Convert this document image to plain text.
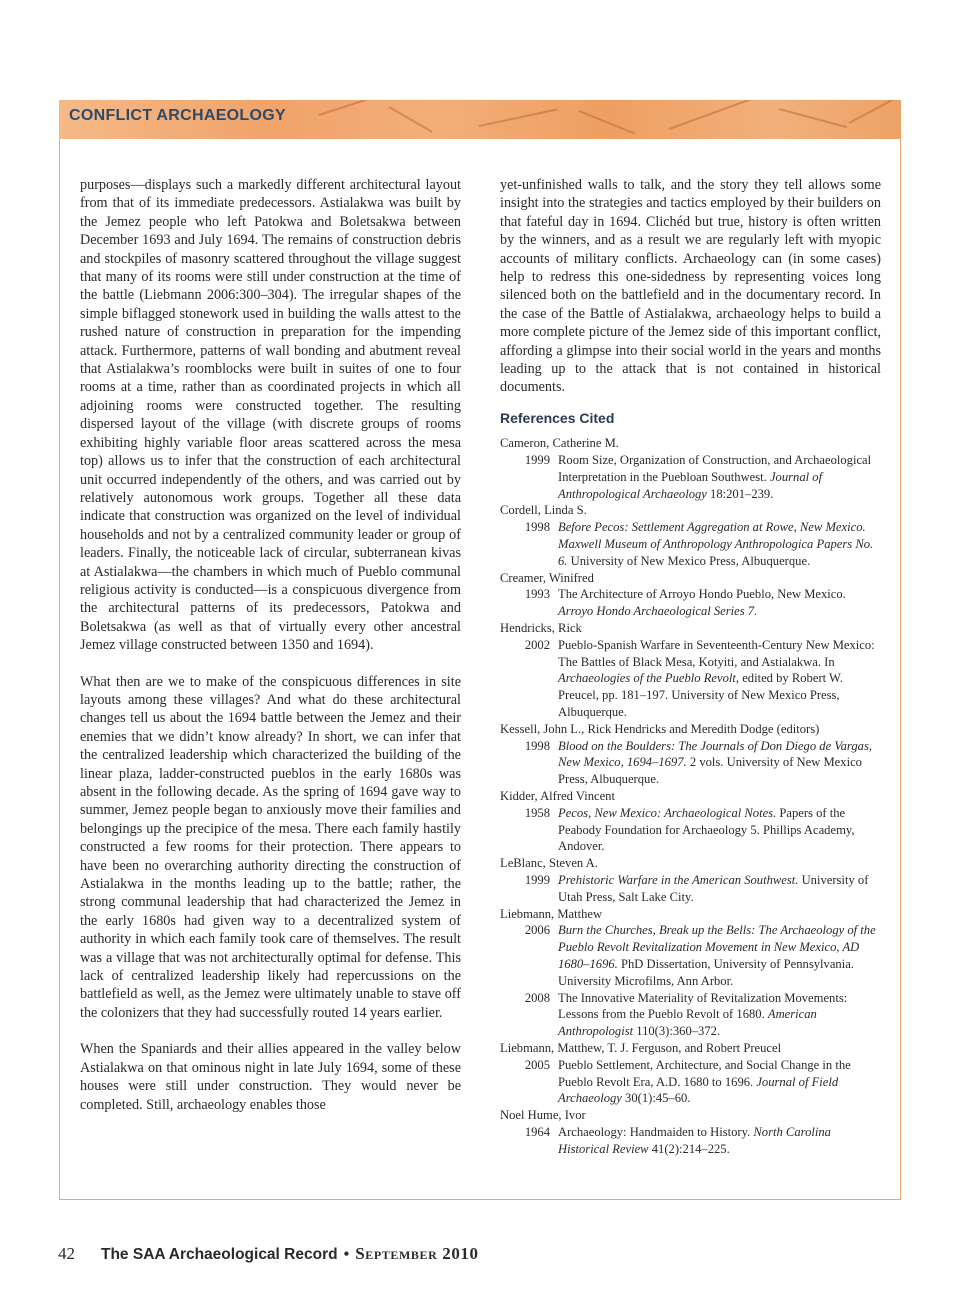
CONFLICT ARCHAEOLOGY

purposes—displays such a markedly different architectural layout from that of its immediate predecessors. Astialakwa was built by the Jemez people who left Patokwa and Boletsakwa between December 1693 and July 1694. The remains of construction debris and stockpiles of masonry scattered throughout the village suggest that many of its rooms were still under construction at the time of the battle (Liebmann 2006:300–304). The irregular shapes of the simple biflagged stonework used in building the walls attest to the rushed nature of construction in preparation for the impending attack. Furthermore, patterns of wall bonding and abutment reveal that Astialakwa’s roomblocks were built in suites of one to four rooms at a time, rather than as coordinated projects in which all adjoining rooms were constructed together. The resulting dispersed layout of the village (with discrete groups of rooms exhibiting highly variable floor areas scattered across the mesa top) allows us to infer that the construction of each architectural unit occurred independently of the others, and was carried out by relatively autonomous work groups. Together all these data indicate that construction was organized on the level of individual households and not by a centralized community leader or group of leaders. Finally, the noticeable lack of circular, subterranean kivas at Astialakwa—the chambers in which much of Pueblo communal religious activity is conducted—is a conspicuous divergence from the architectural patterns of its predecessors, Patokwa and Boletsakwa (as well as that of virtually every other ancestral Jemez village constructed between 1350 and 1694).

What then are we to make of the conspicuous differences in site layouts among these villages? And what do these architectural changes tell us about the 1694 battle between the Jemez and their enemies that we didn’t know already? In short, we can infer that the centralized leadership which characterized the building of the linear plaza, ladder-constructed pueblos in the early 1680s was absent in the following decade. As the spring of 1694 gave way to summer, Jemez people began to anxiously move their families and belongings up the precipice of the mesa. There each family hastily constructed a few rooms for their protection. There appears to have been no overarching authority directing the construction of Astialakwa in the months leading up to the battle; rather, the strong communal leadership that had characterized the Jemez in the early 1680s had given way to a decentralized system of authority in which each family took care of themselves. The result was a village that was not architecturally optimal for defense. This lack of centralized leadership likely had repercussions on the battlefield as well, as the Jemez were ultimately unable to stave off the colonizers that they had successfully routed 14 years earlier.

When the Spaniards and their allies appeared in the valley below Astialakwa on that ominous night in late July 1694, some of these houses were still under construction. They would never be completed. Still, archaeology enables those

yet-unfinished walls to talk, and the story they tell allows some insight into the strategies and tactics employed by their builders on that fateful day in 1694. Clichéd but true, history is often written by the winners, and as a result we are regularly left with myopic accounts of military conflicts. Archaeology can (in some cases) help to redress this one-sidedness by representing voices long silenced both on the battlefield and in the documentary record. In the case of the Battle of Astialakwa, archaeology helps to build a more complete picture of the Jemez side of this important conflict, affording a glimpse into their social world in the years and months leading up to the attack that is not contained in historical documents.

References Cited
Cameron, Catherine M.
1999 Room Size, Organization of Construction, and Archaeological Interpretation in the Puebloan Southwest. Journal of Anthropological Archaeology 18:201–239.
Cordell, Linda S.
1998 Before Pecos: Settlement Aggregation at Rowe, New Mexico. Maxwell Museum of Anthropology Anthropologica Papers No. 6. University of New Mexico Press, Albuquerque.
Creamer, Winifred
1993 The Architecture of Arroyo Hondo Pueblo, New Mexico. Arroyo Hondo Archaeological Series 7.
Hendricks, Rick
2002 Pueblo-Spanish Warfare in Seventeenth-Century New Mexico: The Battles of Black Mesa, Kotyiti, and Astialakwa. In Archaeologies of the Pueblo Revolt, edited by Robert W. Preucel, pp. 181–197. University of New Mexico Press, Albuquerque.
Kessell, John L., Rick Hendricks and Meredith Dodge (editors)
1998 Blood on the Boulders: The Journals of Don Diego de Vargas, New Mexico, 1694–1697. 2 vols. University of New Mexico Press, Albuquerque.
Kidder, Alfred Vincent
1958 Pecos, New Mexico: Archaeological Notes. Papers of the Peabody Foundation for Archaeology 5. Phillips Academy, Andover.
LeBlanc, Steven A.
1999 Prehistoric Warfare in the American Southwest. University of Utah Press, Salt Lake City.
Liebmann, Matthew
2006 Burn the Churches, Break up the Bells: The Archaeology of the Pueblo Revolt Revitalization Movement in New Mexico, AD 1680–1696. PhD Dissertation, University of Pennsylvania. University Microfilms, Ann Arbor.
2008 The Innovative Materiality of Revitalization Movements: Lessons from the Pueblo Revolt of 1680. American Anthropologist 110(3):360–372.
Liebmann, Matthew, T. J. Ferguson, and Robert Preucel
2005 Pueblo Settlement, Architecture, and Social Change in the Pueblo Revolt Era, A.D. 1680 to 1696. Journal of Field Archaeology 30(1):45–60.
Noel Hume, Ivor
1964 Archaeology: Handmaiden to History. North Carolina Historical Review 41(2):214–225.
42 The SAA Archaeological Record • September 2010
